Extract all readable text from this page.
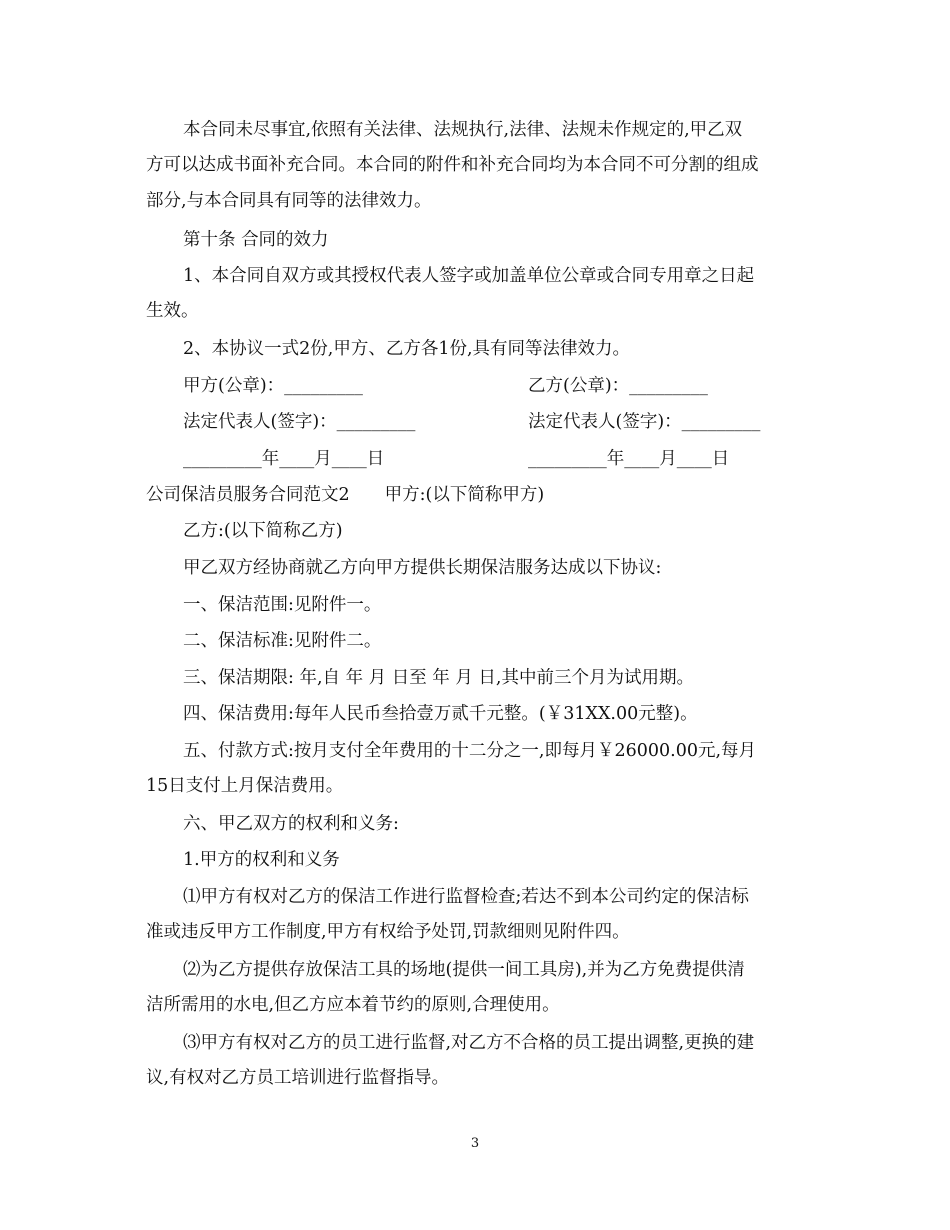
本合同未尽事宜,依照有关法律、法规执行,法律、法规未作规定的,甲乙双
方可以达成书面补充合同。本合同的附件和补充合同均为本合同不可分割的组成
部分,与本合同具有同等的法律效力。
第十条 合同的效力
1、本合同自双方或其授权代表人签字或加盖单位公章或合同专用章之日起
生效。
2、本协议一式2份,甲方、乙方各1份,具有同等法律效力。
甲方(公章)：_________	乙方(公章)：_________
法定代表人(签字)：_________	法定代表人(签字)：_________
_________年____月____日	_________年____月____日
公司保洁员服务合同范文2　　甲方:(以下简称甲方)
乙方:(以下简称乙方)
甲乙双方经协商就乙方向甲方提供长期保洁服务达成以下协议:
一、保洁范围:见附件一。
二、保洁标准:见附件二。
三、保洁期限: 年,自 年 月 日至 年 月 日,其中前三个月为试用期。
四、保洁费用:每年人民币叁拾壹万贰千元整。(￥31XX.00元整)。
五、付款方式:按月支付全年费用的十二分之一,即每月￥26000.00元,每月
15日支付上月保洁费用。
六、甲乙双方的权利和义务:
1.甲方的权利和义务
⑴甲方有权对乙方的保洁工作进行监督检查;若达不到本公司约定的保洁标
准或违反甲方工作制度,甲方有权给予处罚,罚款细则见附件四。
⑵为乙方提供存放保洁工具的场地(提供一间工具房),并为乙方免费提供清
洁所需用的水电,但乙方应本着节约的原则,合理使用。
⑶甲方有权对乙方的员工进行监督,对乙方不合格的员工提出调整,更换的建
议,有权对乙方员工培训进行监督指导。
3
